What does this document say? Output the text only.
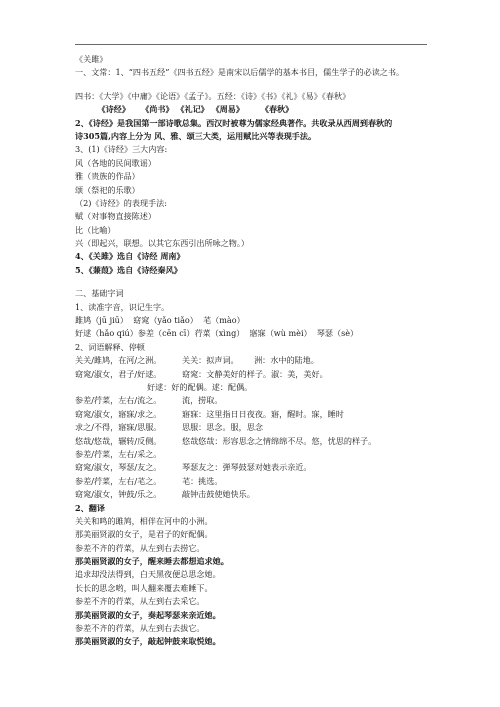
《关雎》
一、文常：1、“四书五经”《四书五经》是南宋以后儒学的基本书目，儒生学子的必读之书。
四书：《大学》《中庸》《论语》《孟子》。五经：《诗》《书》《礼》《易》《春秋》
《诗经》    《尚书》 《礼记》 《周易》      《春秋》
2、《诗经》是我国第一部诗歌总集。西汉时被尊为儒家经典著作。共收录从西周到春秋的
诗305篇,内容上分为 风、雅、颂三大类，运用赋比兴等表现手法。
3、(1)《诗经》三大内容:
风（各地的民间歌谣）
雅（贵族的作品）
颂（祭祀的乐歌）
（2)《诗经》的表现手法:
赋（对事物直接陈述）
比（比喻）
兴（即起兴，联想。以其它东西引出所咏之物。）
4、《关雎》选自《诗经 周南》
5、《蒹葭》选自《诗经秦风》
二、基础字词
1、读准字音，识记生字。
雎鸠（jū jiū）  窈窕（yǎo tiǎo）  芼（mào）
好逑（hǎo qiú）参差（cēn cī）荇菜（xìng）  寤寐（wù mèi）  琴瑟（sè）
2、词语解释、停顿
关关/雎鸠，在河/之洲。        关关：拟声词。      洲：水中的陆地。
窈窕/淑女，君子/好逑。        窈窕：文静美好的样子。淑：美，美好。
好逑：好的配偶。逑：配偶。
参差/荇菜，左右/流之。        流，捞取。
窈窕/淑女，寤寐/求之。        寤寐：这里指日日夜夜。寤，醒时。寐，睡时
求之/不得，寤寐/思服。        思服：思念。服，思念
悠哉/悠哉，辗转/反侧。        悠哉悠哉：形容思念之情绵绵不尽。悠，忧思的样子。
参差/荇菜，左右/采之。
窈窕/淑女，琴瑟/友之。        琴瑟友之：弹琴鼓瑟对她表示亲近。
参差/荇菜，左右/芼之。        芼：挑选。
窈窕/淑女，钟鼓/乐之。        敲钟击鼓使她快乐。
2、翻译
关关和鸣的雎鸠，相伴在河中的小洲。
那美丽贤淑的女子，是君子的好配偶。
参差不齐的荇菜，从左到右去捞它。
那美丽贤淑的女子，醒来睡去都想追求她。
追求却没法得到，白天黑夜便总思念她。
长长的思念哟，叫人翻来覆去难睡下。
参差不齐的荇菜，从左到右去采它。
那美丽贤淑的女子，奏起琴瑟来亲近她。
参差不齐的荇菜，从左到右去拔它。
那美丽贤淑的女子，敲起钟鼓来取悦她。
